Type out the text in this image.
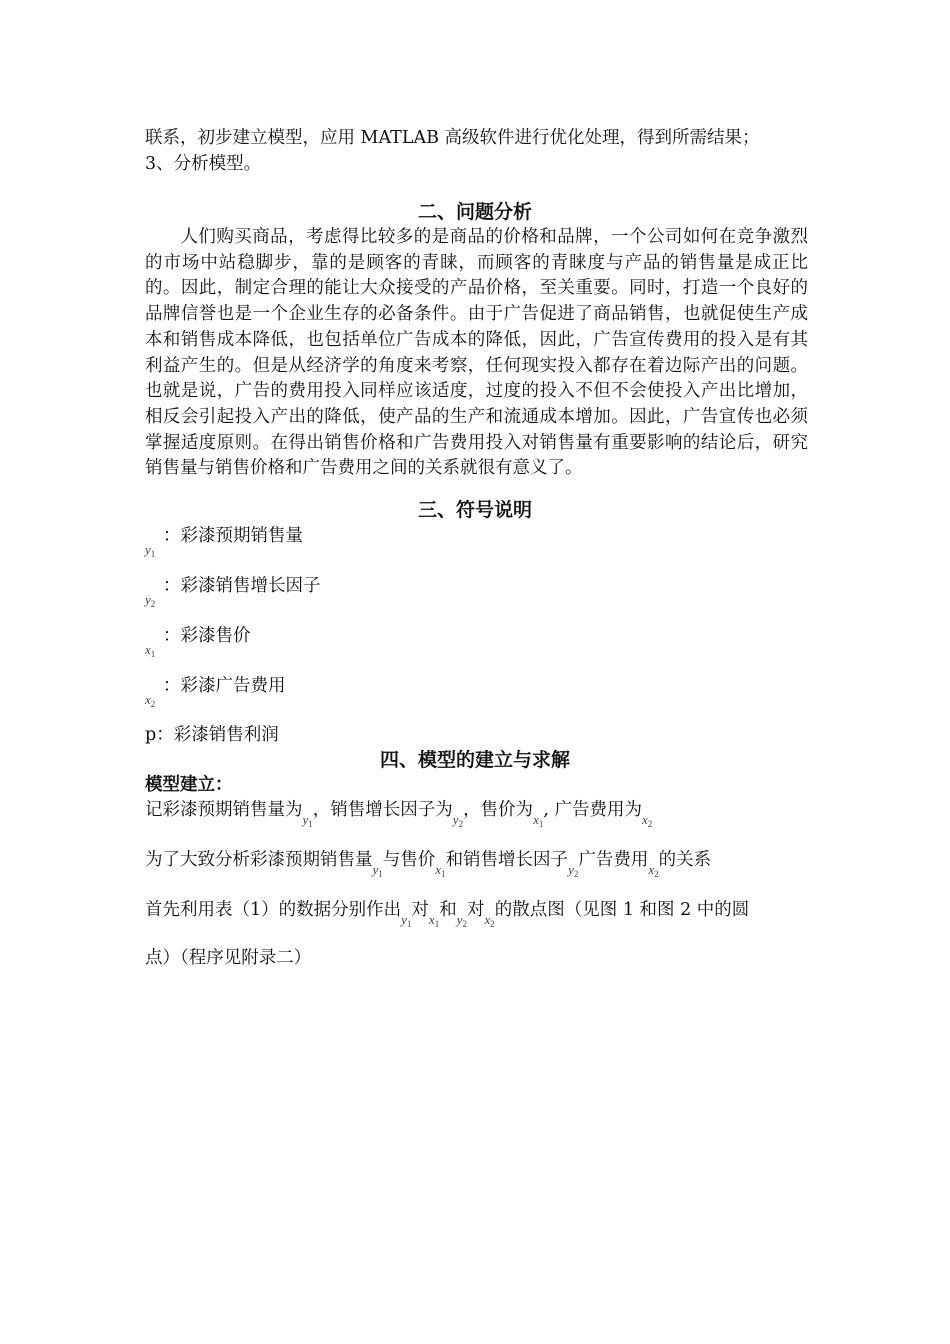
联系，初步建立模型，应用 MATLAB 高级软件进行优化处理，得到所需结果；
3、分析模型。
二、问题分析

人们购买商品，考虑得比较多的是商品的价格和品牌，一个公司如何在竞争激烈的市场中站稳脚步，靠的是顾客的青睐，而顾客的青睐度与产品的销售量是成正比的。因此，制定合理的能让大众接受的产品价格，至关重要。同时，打造一个良好的品牌信誉也是一个企业生存的必备条件。由于广告促进了商品销售，也就促使生产成本和销售成本降低，也包括单位广告成本的降低，因此，广告宣传费用的投入是有其利益产生的。但是从经济学的角度来考察，任何现实投入都存在着边际产出的问题。也就是说，广告的费用投入同样应该适度，过度的投入不但不会使投入产出比增加，相反会引起投入产出的降低，使产品的生产和流通成本增加。因此，广告宣传也必须掌握适度原则。在得出销售价格和广告费用投入对销售量有重要影响的结论后，研究销售量与销售价格和广告费用之间的关系就很有意义了。

三、符号说明
$y_1$
：彩漆预期销售量
$y_2$
：彩漆销售增长因子
$x_1$
：彩漆售价
$x_2$
：彩漆广告费用
p：彩漆销售利润
四、模型的建立与求解
模型建立：
记彩漆预期销售量为$_{y_1}$，销售增长因子为$_{y_2}$，售价为$_{x_1}$, 广告费用为$_{x_2}$
为了大致分析彩漆预期销售量$_{y_1}$与售价$_{x_1}$和销售增长因子$_{y_2}$广告费用$_{x_2}$的关系
首先利用表（1）的数据分别作出$_{y_1}$对$_{x_1}$和$_{y_2}$对$_{x_2}$的散点图（见图 1 和图 2 中的圆
点）（程序见附录二）
